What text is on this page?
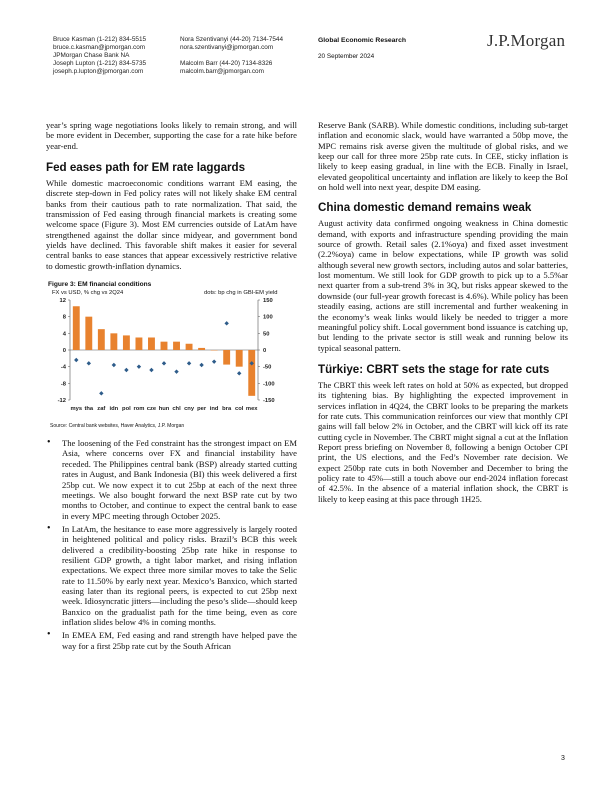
Bruce Kasman (1-212) 834-5515
bruce.c.kasman@jpmorgan.com
JPMorgan Chase Bank NA
Joseph Lupton (1-212) 834-5735
joseph.p.lupton@jpmorgan.com
Nora Szentivanyi (44-20) 7134-7544
nora.szentivanyi@jpmorgan.com
Malcolm Barr (44-20) 7134-8326
malcolm.barr@jpmorgan.com
Global Economic Research
20 September 2024
J.P.Morgan

year’s spring wage negotiations looks likely to remain strong, and will be more evident in December, supporting the case for a rate hike before year-end.

Fed eases path for EM rate laggards

While domestic macroeconomic conditions warrant EM easing, the discrete step-down in Fed policy rates will not likely shake EM central banks from their cautious path to rate normalization. That said, the transmission of Fed easing through financial markets is creating some welcome space (Figure 3). Most EM currencies outside of LatAm have strengthened against the dollar since midyear, and government bond yields have declined. This favorable shift makes it easier for several central banks to ease stances that appear excessively restrictive relative to domestic growth-inflation dynamics.

Figure 3: EM financial conditions
FX vs USD, % chg vs 2Q24	dots: bp chg in GBI-EM yield
12
8
4
0
-4
-8
-12
150
100
50
0
-50
-100
-150
mys tha zaf idn pol rom cze hun chl cny per ind bra col mex
Source: Central bank websites, Haver Analytics, J.P. Morgan
• The loosening of the Fed constraint has the strongest impact on EM Asia, where concerns over FX and financial instability have receded. The Philippines central bank (BSP) already started cutting rates in August, and Bank Indonesia (BI) this week delivered a first 25bp cut. We now expect it to cut 25bp at each of the next three meetings. We also bought forward the next BSP rate cut by two months to October, and continue to expect the central bank to ease in every MPC meeting through October 2025.
• In LatAm, the hesitance to ease more aggressively is largely rooted in heightened political and policy risks. Brazil’s BCB this week delivered a credibility-boosting 25bp rate hike in response to resilient GDP growth, a tight labor market, and rising inflation expectations. We expect three more similar moves to take the Selic rate to 11.50% by early next year. Mexico’s Banxico, which started easing later than its regional peers, is expected to cut 25bp next week. Idiosyncratic jitters—including the peso’s slide—should keep Banxico on the gradualist path for the time being, even as core inflation slides below 4% in coming months.
• In EMEA EM, Fed easing and rand strength have helped pave the way for a first 25bp rate cut by the South African

Reserve Bank (SARB). While domestic conditions, including sub-target inflation and economic slack, would have warranted a 50bp move, the MPC remains risk averse given the multitude of global risks, and we keep our call for three more 25bp rate cuts. In CEE, sticky inflation is likely to keep easing gradual, in line with the ECB. Finally in Israel, elevated geopolitical uncertainty and inflation are likely to keep the BoI on hold well into next year, despite DM easing.

China domestic demand remains weak

August activity data confirmed ongoing weakness in China domestic demand, with exports and infrastructure spending providing the main source of growth. Retail sales (2.1%oya) and fixed asset investment (2.2%oya) came in below expectations, while IP growth was solid although several new growth sectors, including autos and solar batteries, lost momentum. We still look for GDP growth to pick up to a 5.5%ar next quarter from a sub-trend 3% in 3Q, but risks appear skewed to the downside (our full-year growth forecast is 4.6%). While policy has been steadily easing, actions are still incremental and further weakening in the economy’s weak links would likely be needed to trigger a more meaningful policy shift. Local government bond issuance is catching up, but lending to the private sector is still weak and running below its typical seasonal pattern.

Türkiye: CBRT sets the stage for rate cuts

The CBRT this week left rates on hold at 50% as expected, but dropped its tightening bias. By highlighting the expected improvement in services inflation in 4Q24, the CBRT looks to be preparing the markets for rate cuts. This communication reinforces our view that monthly CPI gains will fall below 2% in October, and the CBRT will kick off its rate cutting cycle in November. The CBRT might signal a cut at the Inflation Report press briefing on November 8, following a benign October CPI print, the US elections, and the Fed’s November rate decision. We expect 250bp rate cuts in both November and December to bring the policy rate to 45%—still a touch above our end-2024 inflation forecast of 42.5%. In the absence of a material inflation shock, the CBRT is likely to keep easing at this pace through 1H25.

3
